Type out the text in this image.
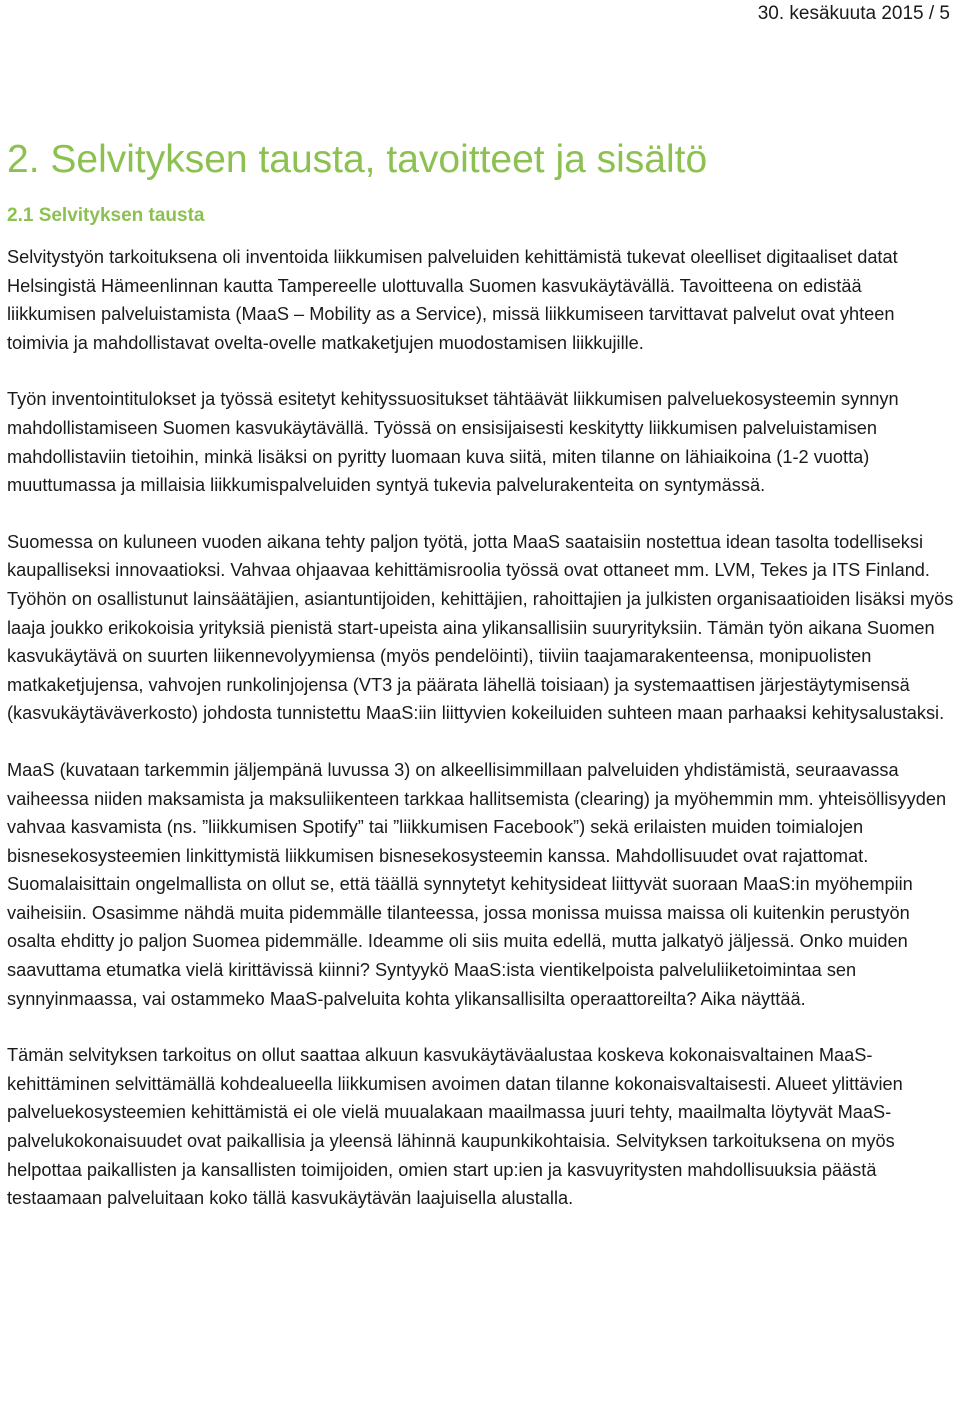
30. kesäkuuta 2015 / 5
2. Selvityksen tausta, tavoitteet ja sisältö
2.1 Selvityksen tausta

Selvitystyön tarkoituksena oli inventoida liikkumisen palveluiden kehittämistä tukevat oleelliset digitaaliset datat Helsingistä Hämeenlinnan kautta Tampereelle ulottuvalla Suomen kasvukäytävällä. Tavoitteena on edistää liikkumisen palveluistamista (MaaS – Mobility as a Service), missä liikkumiseen tarvittavat palvelut ovat yhteen toimivia ja mahdollistavat ovelta-ovelle matkaketjujen muodostamisen liikkujille.

Työn inventointitulokset ja työssä esitetyt kehityssuositukset tähtäävät liikkumisen palveluekosysteemin synnyn mahdollistamiseen Suomen kasvukäytävällä. Työssä on ensisijaisesti keskitytty liikkumisen palveluistamisen mahdollistaviin tietoihin, minkä lisäksi on pyritty luomaan kuva siitä, miten tilanne on lähiaikoina (1-2 vuotta) muuttumassa ja millaisia liikkumispalveluiden syntyä tukevia palvelurakenteita on syntymässä.

Suomessa on kuluneen vuoden aikana tehty paljon työtä, jotta MaaS saataisiin nostettua idean tasolta todelliseksi kaupalliseksi innovaatioksi. Vahvaa ohjaavaa kehittämisroolia työssä ovat ottaneet mm. LVM, Tekes ja ITS Finland. Työhön on osallistunut lainsäätäjien, asiantuntijoiden, kehittäjien, rahoittajien ja julkisten organisaatioiden lisäksi myös laaja joukko erikokoisia yrityksiä pienistä start-upeista aina ylikansallisiin suuryrityksiin. Tämän työn aikana Suomen kasvukäytävä on suurten liikennevolyymiensa (myös pendelöinti), tiiviin taajamarakenteensa, monipuolisten matkaketjujensa, vahvojen runkolinjojensa (VT3 ja päärata lähellä toisiaan) ja systemaattisen järjestäytymisensä (kasvukäytäväverkosto) johdosta tunnistettu MaaS:iin liittyvien kokeiluiden suhteen maan parhaaksi kehitysalustaksi.

MaaS (kuvataan tarkemmin jäljempänä luvussa 3) on alkeellisimmillaan palveluiden yhdistämistä, seuraavassa vaiheessa niiden maksamista ja maksuliikenteen tarkkaa hallitsemista (clearing) ja myöhemmin mm. yhteisöllisyyden vahvaa kasvamista (ns. ”liikkumisen Spotify” tai ”liikkumisen Facebook”) sekä erilaisten muiden toimialojen bisnesekosysteemien linkittymistä liikkumisen bisnesekosysteemin kanssa. Mahdollisuudet ovat rajattomat. Suomalaisittain ongelmallista on ollut se, että täällä synnytetyt kehitysideat liittyvät suoraan MaaS:in myöhempiin vaiheisiin. Osasimme nähdä muita pidemmälle tilanteessa, jossa monissa muissa maissa oli kuitenkin perustyön osalta ehditty jo paljon Suomea pidemmälle. Ideamme oli siis muita edellä, mutta jalkatyö jäljessä. Onko muiden saavuttama etumatka vielä kirittävissä kiinni? Syntyykö MaaS:ista vientikelpoista palveluliiketoimintaa sen synnyinmaassa, vai ostammeko MaaS-palveluita kohta ylikansallisilta operaattoreilta? Aika näyttää.

Tämän selvityksen tarkoitus on ollut saattaa alkuun kasvukäytäväalustaa koskeva kokonaisvaltainen MaaS-kehittäminen selvittämällä kohdealueella liikkumisen avoimen datan tilanne kokonaisvaltaisesti. Alueet ylittävien palveluekosysteemien kehittämistä ei ole vielä muualakaan maailmassa juuri tehty, maailmalta löytyvät MaaS-palvelukokonaisuudet ovat paikallisia ja yleensä lähinnä kaupunkikohtaisia. Selvityksen tarkoituksena on myös helpottaa paikallisten ja kansallisten toimijoiden, omien start up:ien ja kasvuyritysten mahdollisuuksia päästä testaamaan palveluitaan koko tällä kasvukäytävän laajuisella alustalla.
